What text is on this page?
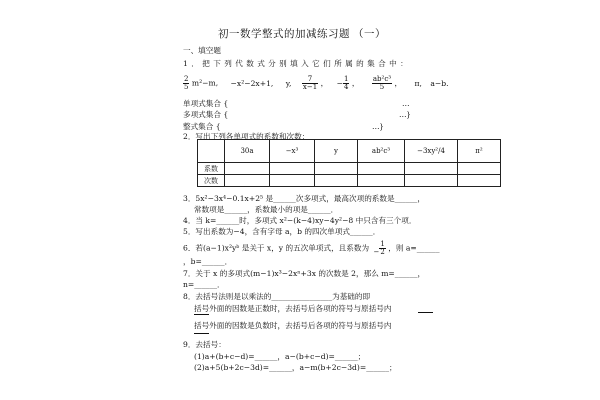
初一数学整式的加减练习题 （一）
一、填空题
1．把下列代数式分别填入它们所属的集合中：
$\frac{2}{5} m^2-m$, −x²−2x+1, y, $\frac{7}{x-1}$ ， − $\frac{1}{4}$ ， $\frac{\text{ab²c³}}{5}$ ， π, a−b.
单项式集合 {	…
多项式集合 {	…}
整式集合 {	…}
2．写出下列各单项式的系数和次数：
	30a	−x³	y	ab²c³	−3xy²/4	π²
系数						
次数						
3．5x²−3x⁴−0.1x+2⁵ 是______次多项式，最高次项的系数是______，
常数项是______，系数最小的项是______．
4．当 k=______时，多项式 x²−(k−4)xy−4y²−8 中只含有三个项．
5．写出系数为−4，含有字母 a，b 的四次单项式______．
6．若(a−1)x²yᵇ 是关于 x，y 的五次单项式，且系数为 − $\frac{1}{2}$ ，则 a=______
，b=______．
7．关于 x 的多项式(m−1)x³−2xⁿ+3x 的次数是 2，那么 m=______，
n=______．
8．去括号法则是以乘法的________________为基础的即
括号外面的因数是正数时，去括号后各项的符号与原括号内
括号外面的因数是负数时，去括号后各项的符号与原括号内
9．去括号：
(1)a+(b+c−d)=______，a−(b+c−d)=______；
(2)a+5(b+2c−3d)=______，a−m(b+2c−3d)=______；
